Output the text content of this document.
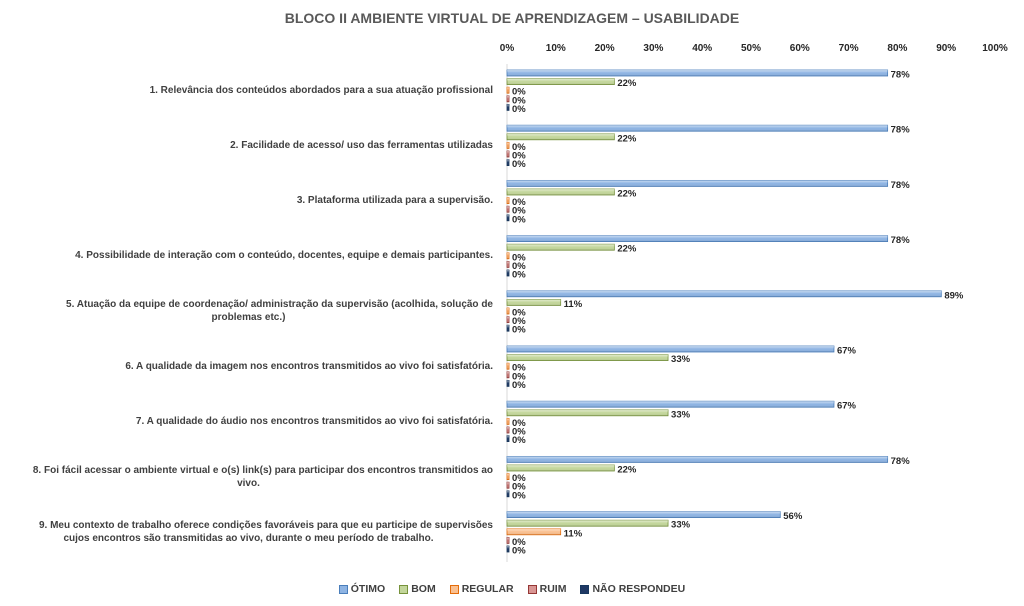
BLOCO II AMBIENTE VIRTUAL DE APRENDIZAGEM – USABILIDADE
0%	10%	20%	30%	40%	50%	60%	70%	80%	90%	100%
78%
22%
0%
0%
0%
78%
22%
0%
0%
0%
78%
22%
0%
0%
0%
78%
22%
0%
0%
0%
89%
11%
0%
0%
0%
67%
33%
0%
0%
0%
67%
33%
0%
0%
0%
78%
22%
0%
0%
0%
56%
33%
11%
0%
0%
1. Relevância dos conteúdos abordados para a sua atuação profissional
2. Facilidade de acesso/ uso das ferramentas utilizadas
3. Plataforma utilizada para a supervisão.
4. Possibilidade de interação com o conteúdo, docentes, equipe e demais participantes.
5. Atuação da equipe de coordenação/ administração da supervisão (acolhida, solução de
problemas etc.)
6. A qualidade da imagem nos encontros transmitidos ao vivo foi satisfatória.
7. A qualidade do áudio nos encontros transmitidos ao vivo foi satisfatória.
8. Foi fácil acessar o ambiente virtual e o(s) link(s) para participar dos encontros transmitidos ao
vivo.
9. Meu contexto de trabalho oferece condições favoráveis para que eu participe de supervisões
cujos encontros são transmitidas ao vivo, durante o meu período de trabalho.
ÓTIMO BOM REGULAR RUIM NÃO RESPONDEU
